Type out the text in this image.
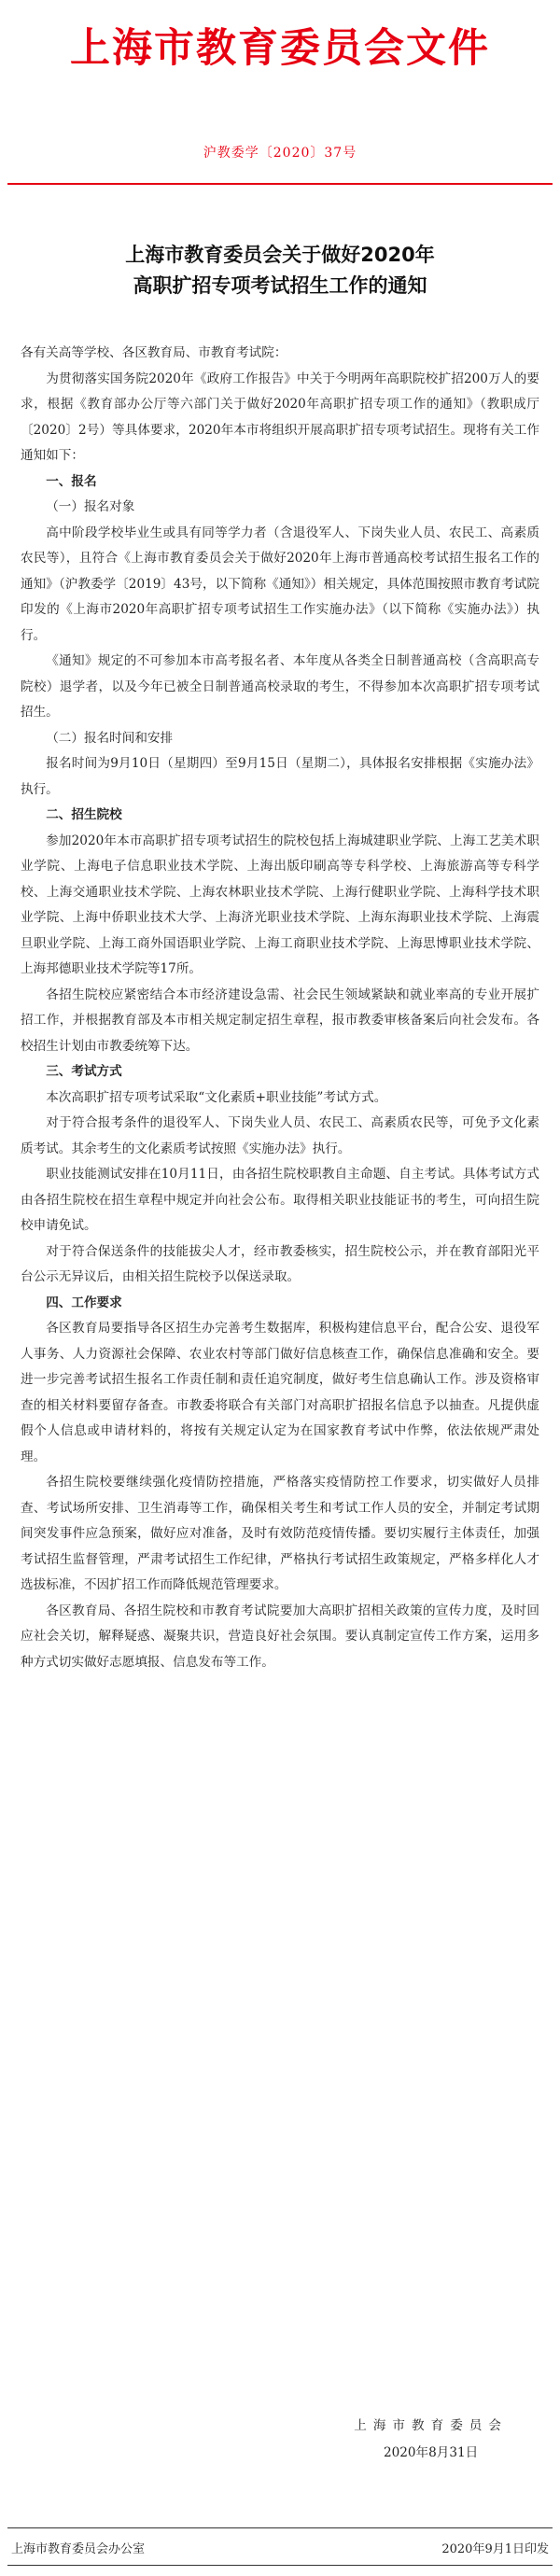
上海市教育委员会文件
沪教委学〔2020〕37号
上海市教育委员会关于做好2020年
高职扩招专项考试招生工作的通知

各有关高等学校、各区教育局、市教育考试院：

为贯彻落实国务院2020年《政府工作报告》中关于今明两年高职院校扩招200万人的要求，根据《教育部办公厅等六部门关于做好2020年高职扩招专项工作的通知》（教职成厅〔2020〕2号）等具体要求，2020年本市将组织开展高职扩招专项考试招生。现将有关工作通知如下：

一、报名

（一）报名对象

高中阶段学校毕业生或具有同等学力者（含退役军人、下岗失业人员、农民工、高素质农民等），且符合《上海市教育委员会关于做好2020年上海市普通高校考试招生报名工作的通知》（沪教委学〔2019〕43号，以下简称《通知》）相关规定，具体范围按照市教育考试院印发的《上海市2020年高职扩招专项考试招生工作实施办法》（以下简称《实施办法》）执行。

《通知》规定的不可参加本市高考报名者、本年度从各类全日制普通高校（含高职高专院校）退学者，以及今年已被全日制普通高校录取的考生，不得参加本次高职扩招专项考试招生。

（二）报名时间和安排

报名时间为9月10日（星期四）至9月15日（星期二），具体报名安排根据《实施办法》执行。

二、招生院校

参加2020年本市高职扩招专项考试招生的院校包括上海城建职业学院、上海工艺美术职业学院、上海电子信息职业技术学院、上海出版印刷高等专科学校、上海旅游高等专科学校、上海交通职业技术学院、上海农林职业技术学院、上海行健职业学院、上海科学技术职业学院、上海中侨职业技术大学、上海济光职业技术学院、上海东海职业技术学院、上海震旦职业学院、上海工商外国语职业学院、上海工商职业技术学院、上海思博职业技术学院、上海邦德职业技术学院等17所。

各招生院校应紧密结合本市经济建设急需、社会民生领域紧缺和就业率高的专业开展扩招工作，并根据教育部及本市相关规定制定招生章程，报市教委审核备案后向社会发布。各校招生计划由市教委统筹下达。

三、考试方式

本次高职扩招专项考试采取“文化素质+职业技能”考试方式。

对于符合报考条件的退役军人、下岗失业人员、农民工、高素质农民等，可免予文化素质考试。其余考生的文化素质考试按照《实施办法》执行。

职业技能测试安排在10月11日，由各招生院校职教自主命题、自主考试。具体考试方式由各招生院校在招生章程中规定并向社会公布。取得相关职业技能证书的考生，可向招生院校申请免试。

对于符合保送条件的技能拔尖人才，经市教委核实，招生院校公示，并在教育部阳光平台公示无异议后，由相关招生院校予以保送录取。

四、工作要求

各区教育局要指导各区招生办完善考生数据库，积极构建信息平台，配合公安、退役军人事务、人力资源社会保障、农业农村等部门做好信息核查工作，确保信息准确和安全。要进一步完善考试招生报名工作责任制和责任追究制度，做好考生信息确认工作。涉及资格审查的相关材料要留存备查。市教委将联合有关部门对高职扩招报名信息予以抽查。凡提供虚假个人信息或申请材料的，将按有关规定认定为在国家教育考试中作弊，依法依规严肃处理。

各招生院校要继续强化疫情防控措施，严格落实疫情防控工作要求，切实做好人员排查、考试场所安排、卫生消毒等工作，确保相关考生和考试工作人员的安全，并制定考试期间突发事件应急预案，做好应对准备，及时有效防范疫情传播。要切实履行主体责任，加强考试招生监督管理，严肃考试招生工作纪律，严格执行考试招生政策规定，严格多样化人才选拔标准，不因扩招工作而降低规范管理要求。

各区教育局、各招生院校和市教育考试院要加大高职扩招相关政策的宣传力度，及时回应社会关切，解释疑惑、凝聚共识，营造良好社会氛围。要认真制定宣传工作方案，运用多种方式切实做好志愿填报、信息发布等工作。

上海市教育委员会
2020年8月31日
上海市教育委员会办公室	2020年9月1日印发
